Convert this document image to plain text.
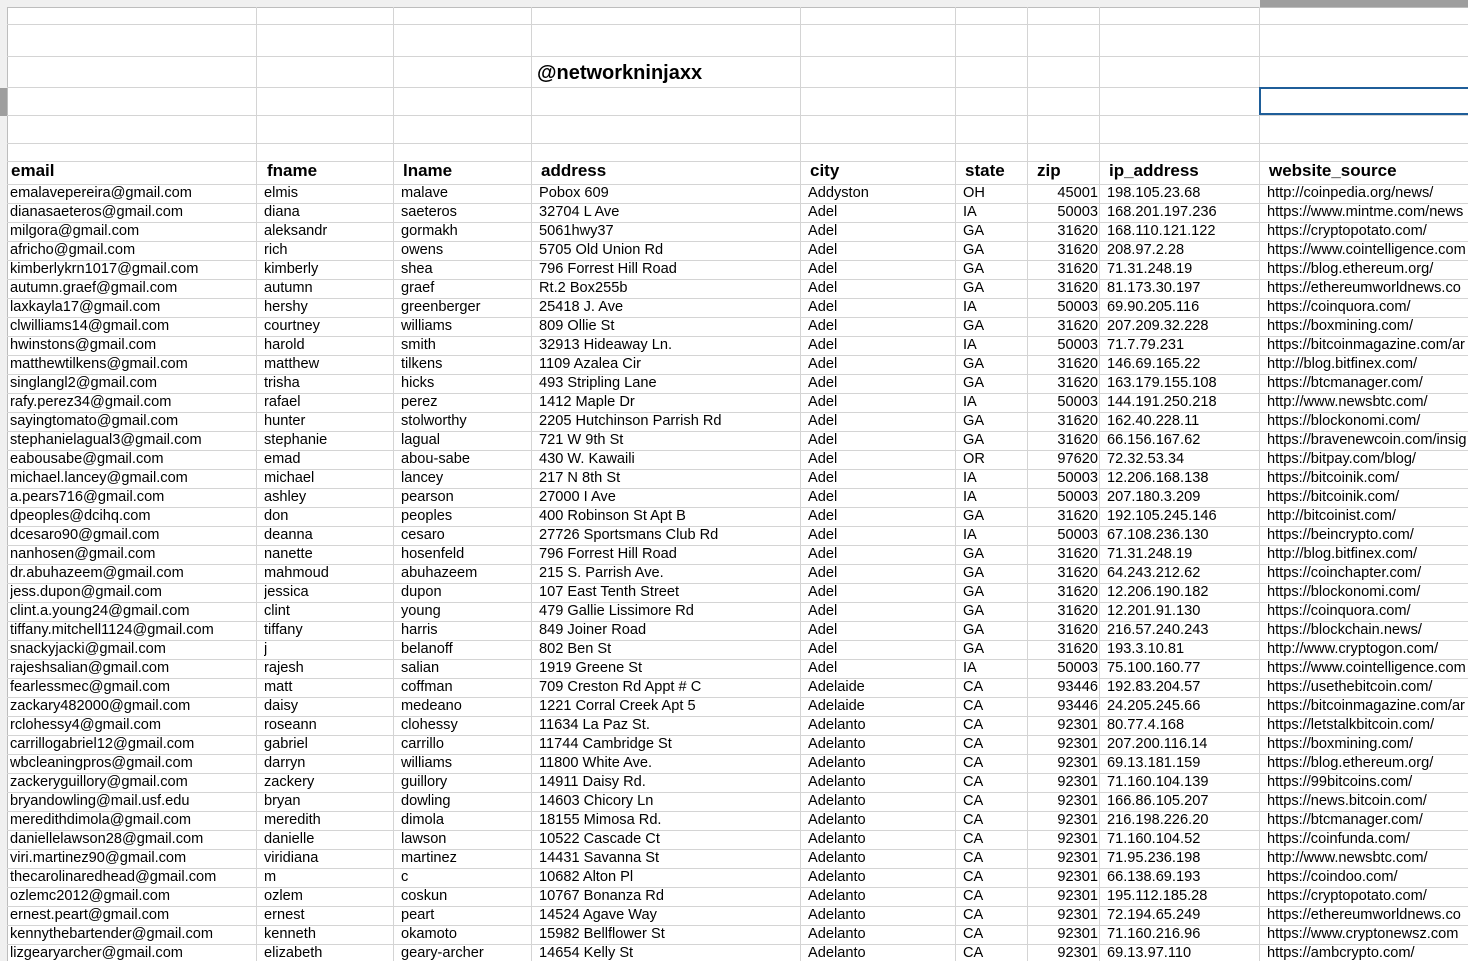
@networkninjaxx
email	fname	lname	address	city	state zip	ip_address	website_source
emalavepereira@gmail.com	elmis	malave	Pobox 609	Addyston	OH	45001 198.105.23.68	http://coinpedia.org/news/
dianasaeteros@gmail.com	diana	saeteros	32704 L Ave	Adel	IA	50003 168.201.197.236	https://www.mintme.com/news
milgora@gmail.com	aleksandr	gormakh	5061hwy37	Adel	GA	31620 168.110.121.122	https://cryptopotato.com/
africho@gmail.com	rich	owens	5705 Old Union Rd	Adel	GA	31620 208.97.2.28	https://www.cointelligence.com
kimberlykrn1017@gmail.com	kimberly	shea	796 Forrest Hill Road	Adel	GA	31620 71.31.248.19	https://blog.ethereum.org/
autumn.graef@gmail.com	autumn	graef	Rt.2 Box255b	Adel	GA	31620 81.173.30.197	https://ethereumworldnews.co
laxkayla17@gmail.com	hershy	greenberger	25418 J. Ave	Adel	IA	50003 69.90.205.116	https://coinquora.com/
clwilliams14@gmail.com	courtney	williams	809 Ollie St	Adel	GA	31620 207.209.32.228	https://boxmining.com/
hwinstons@gmail.com	harold	smith	32913 Hideaway Ln.	Adel	IA	50003 71.7.79.231	https://bitcoinmagazine.com/ar
matthewtilkens@gmail.com	matthew	tilkens	1109 Azalea Cir	Adel	GA	31620 146.69.165.22	http://blog.bitfinex.com/
singlangl2@gmail.com	trisha	hicks	493 Stripling Lane	Adel	GA	31620 163.179.155.108	https://btcmanager.com/
rafy.perez34@gmail.com	rafael	perez	1412 Maple Dr	Adel	IA	50003 144.191.250.218	http://www.newsbtc.com/
sayingtomato@gmail.com	hunter	stolworthy	2205 Hutchinson Parrish Rd	Adel	GA	31620 162.40.228.11	https://blockonomi.com/
stephanielagual3@gmail.com	stephanie	lagual	721 W 9th St	Adel	GA	31620 66.156.167.62	https://bravenewcoin.com/insig
eabousabe@gmail.com	emad	abou-sabe	430 W. Kawaili	Adel	OR	97620 72.32.53.34	https://bitpay.com/blog/
michael.lancey@gmail.com	michael	lancey	217 N 8th St	Adel	IA	50003 12.206.168.138	https://bitcoinik.com/
a.pears716@gmail.com	ashley	pearson	27000 I Ave	Adel	IA	50003 207.180.3.209	https://bitcoinik.com/
dpeoples@dcihq.com	don	peoples	400 Robinson St Apt B	Adel	GA	31620 192.105.245.146	http://bitcoinist.com/
dcesaro90@gmail.com	deanna	cesaro	27726 Sportsmans Club Rd	Adel	IA	50003 67.108.236.130	https://beincrypto.com/
nanhosen@gmail.com	nanette	hosenfeld	796 Forrest Hill Road	Adel	GA	31620 71.31.248.19	http://blog.bitfinex.com/
dr.abuhazeem@gmail.com	mahmoud	abuhazeem	215 S. Parrish Ave.	Adel	GA	31620 64.243.212.62	https://coinchapter.com/
jess.dupon@gmail.com	jessica	dupon	107 East Tenth Street	Adel	GA	31620 12.206.190.182	https://blockonomi.com/
clint.a.young24@gmail.com	clint	young	479 Gallie Lissimore Rd	Adel	GA	31620 12.201.91.130	https://coinquora.com/
tiffany.mitchell1124@gmail.com	tiffany	harris	849 Joiner Road	Adel	GA	31620 216.57.240.243	https://blockchain.news/
snackyjacki@gmail.com	j	belanoff	802 Ben St	Adel	GA	31620 193.3.10.81	http://www.cryptogon.com/
rajeshsalian@gmail.com	rajesh	salian	1919 Greene St	Adel	IA	50003 75.100.160.77	https://www.cointelligence.com
fearlessmec@gmail.com	matt	coffman	709 Creston Rd Appt # C	Adelaide	CA	93446 192.83.204.57	https://usethebitcoin.com/
zackary482000@gmail.com	daisy	medeano	1221 Corral Creek Apt 5	Adelaide	CA	93446 24.205.245.66	https://bitcoinmagazine.com/ar
rclohessy4@gmail.com	roseann	clohessy	11634 La Paz St.	Adelanto	CA	92301 80.77.4.168	https://letstalkbitcoin.com/
carrillogabriel12@gmail.com	gabriel	carrillo	11744 Cambridge St	Adelanto	CA	92301 207.200.116.14	https://boxmining.com/
wbcleaningpros@gmail.com	darryn	williams	11800 White Ave.	Adelanto	CA	92301 69.13.181.159	https://blog.ethereum.org/
zackeryguillory@gmail.com	zackery	guillory	14911 Daisy Rd.	Adelanto	CA	92301 71.160.104.139	https://99bitcoins.com/
bryandowling@mail.usf.edu	bryan	dowling	14603 Chicory Ln	Adelanto	CA	92301 166.86.105.207	https://news.bitcoin.com/
meredithdimola@gmail.com	meredith	dimola	18155 Mimosa Rd.	Adelanto	CA	92301 216.198.226.20	https://btcmanager.com/
daniellelawson28@gmail.com	danielle	lawson	10522 Cascade Ct	Adelanto	CA	92301 71.160.104.52	https://coinfunda.com/
viri.martinez90@gmail.com	viridiana	martinez	14431 Savanna St	Adelanto	CA	92301 71.95.236.198	http://www.newsbtc.com/
thecarolinaredhead@gmail.com	m	c	10682 Alton Pl	Adelanto	CA	92301 66.138.69.193	https://coindoo.com/
ozlemc2012@gmail.com	ozlem	coskun	10767 Bonanza Rd	Adelanto	CA	92301 195.112.185.28	https://cryptopotato.com/
ernest.peart@gmail.com	ernest	peart	14524 Agave Way	Adelanto	CA	92301 72.194.65.249	https://ethereumworldnews.co
kennythebartender@gmail.com	kenneth	okamoto	15982 Bellflower St	Adelanto	CA	92301 71.160.216.96	https://www.cryptonewsz.com
lizgearyarcher@gmail.com	elizabeth	geary-archer	14654 Kelly St	Adelanto	CA	92301 69.13.97.110	https://ambcrypto.com/
